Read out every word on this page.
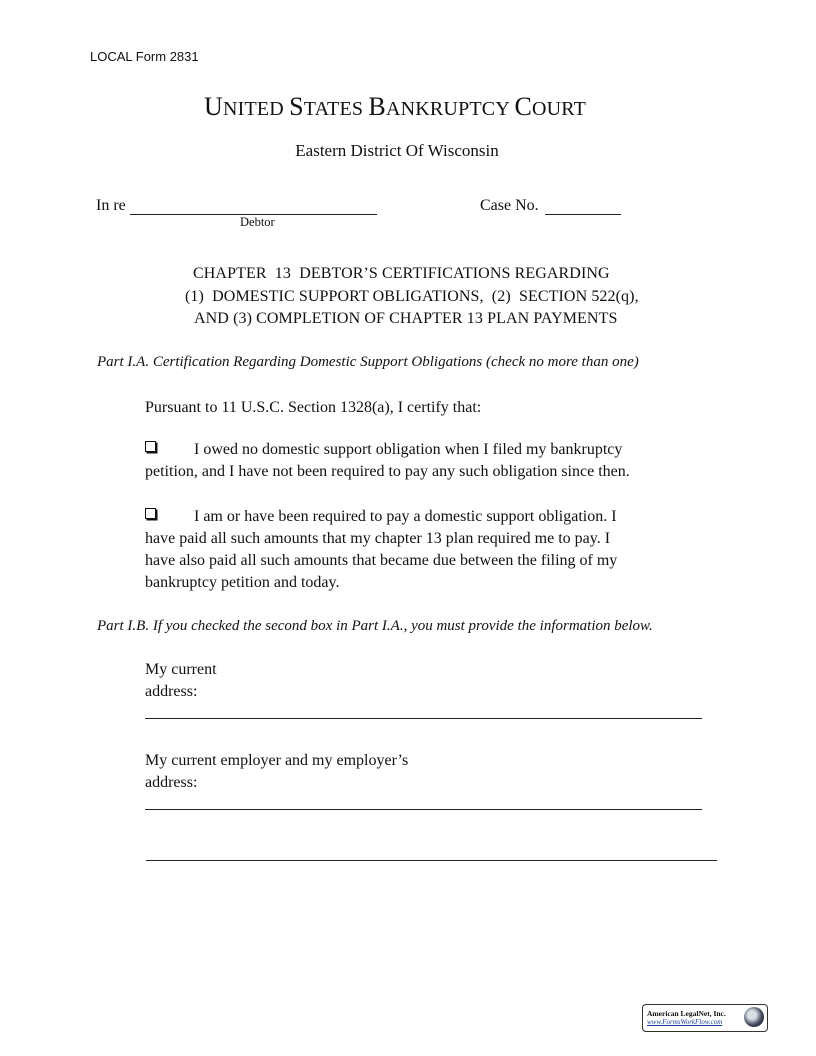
LOCAL Form 2831
UNITED STATES BANKRUPTCY COURT
Eastern District Of Wisconsin
In re
Debtor
Case No.
CHAPTER  13  DEBTOR’S CERTIFICATIONS REGARDING
(1)  DOMESTIC SUPPORT OBLIGATIONS,  (2)  SECTION 522(q),
AND (3) COMPLETION OF CHAPTER 13 PLAN PAYMENTS
Part I.A. Certification Regarding Domestic Support Obligations (check no more than one)
Pursuant to 11 U.S.C. Section 1328(a), I certify that:
I owed no domestic support obligation when I filed my bankruptcy
petition, and I have not been required to pay any such obligation since then.
I am or have been required to pay a domestic support obligation. I
have paid all such amounts that my chapter 13 plan required me to pay. I
have also paid all such amounts that became due between the filing of my
bankruptcy petition and today.
Part I.B. If you checked the second box in Part I.A., you must provide the information below.
My current
address:
My current employer and my employer’s
address:
American LegalNet, Inc.
www.FormsWorkFlow.com
